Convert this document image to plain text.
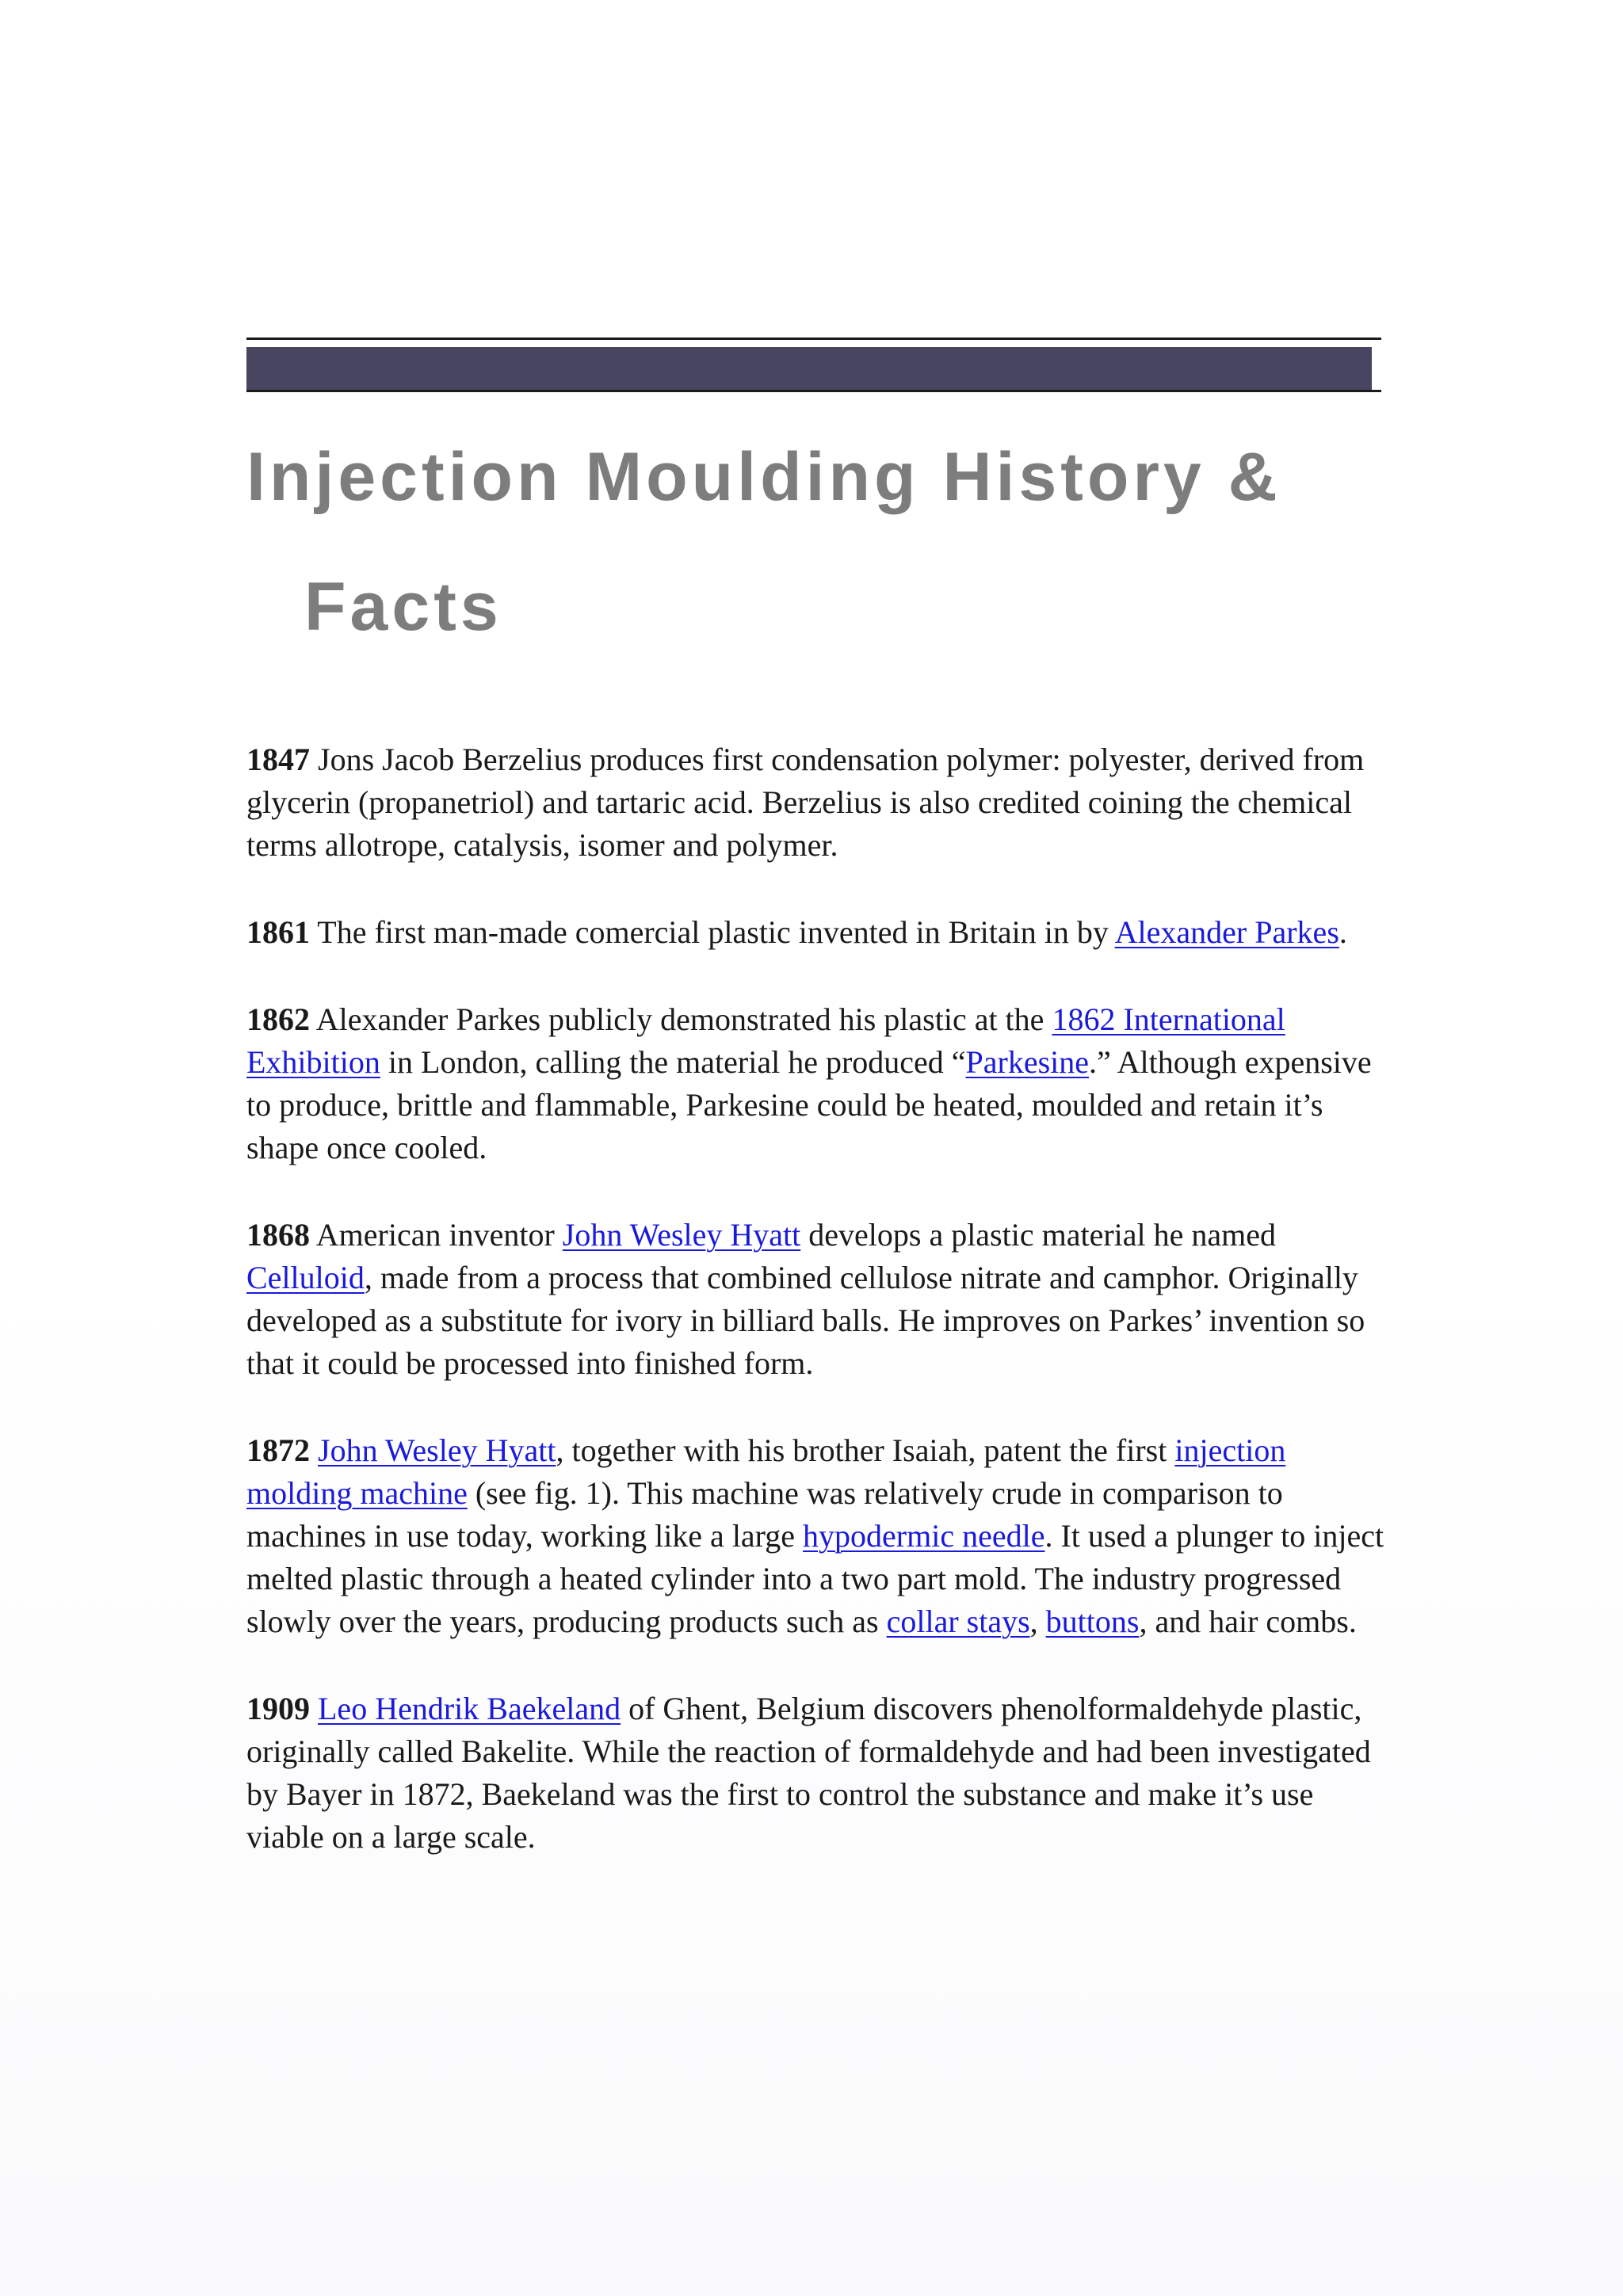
Injection Moulding History &
Facts

1847 Jons Jacob Berzelius produces first condensation polymer: polyester, derived from glycerin (propanetriol) and tartaric acid. Berzelius is also credited coining the chemical terms allotrope, catalysis, isomer and polymer.

1861 The first man-made comercial plastic invented in Britain in by Alexander Parkes.

1862 Alexander Parkes publicly demonstrated his plastic at the 1862 International Exhibition in London, calling the material he produced “Parkesine.” Although expensive to produce, brittle and flammable, Parkesine could be heated, moulded and retain it’s shape once cooled.

1868 American inventor John Wesley Hyatt develops a plastic material he named Celluloid, made from a process that combined cellulose nitrate and camphor. Originally developed as a substitute for ivory in billiard balls. He improves on Parkes’ invention so that it could be processed into finished form.

1872 John Wesley Hyatt, together with his brother Isaiah, patent the first injection molding machine (see fig. 1). This machine was relatively crude in comparison to machines in use today, working like a large hypodermic needle. It used a plunger to inject melted plastic through a heated cylinder into a two part mold. The industry progressed slowly over the years, producing products such as collar stays, buttons, and hair combs.

1909 Leo Hendrik Baekeland of Ghent, Belgium discovers phenolformaldehyde plastic, originally called Bakelite. While the reaction of formaldehyde and had been investigated by Bayer in 1872, Baekeland was the first to control the substance and make it’s use viable on a large scale.
